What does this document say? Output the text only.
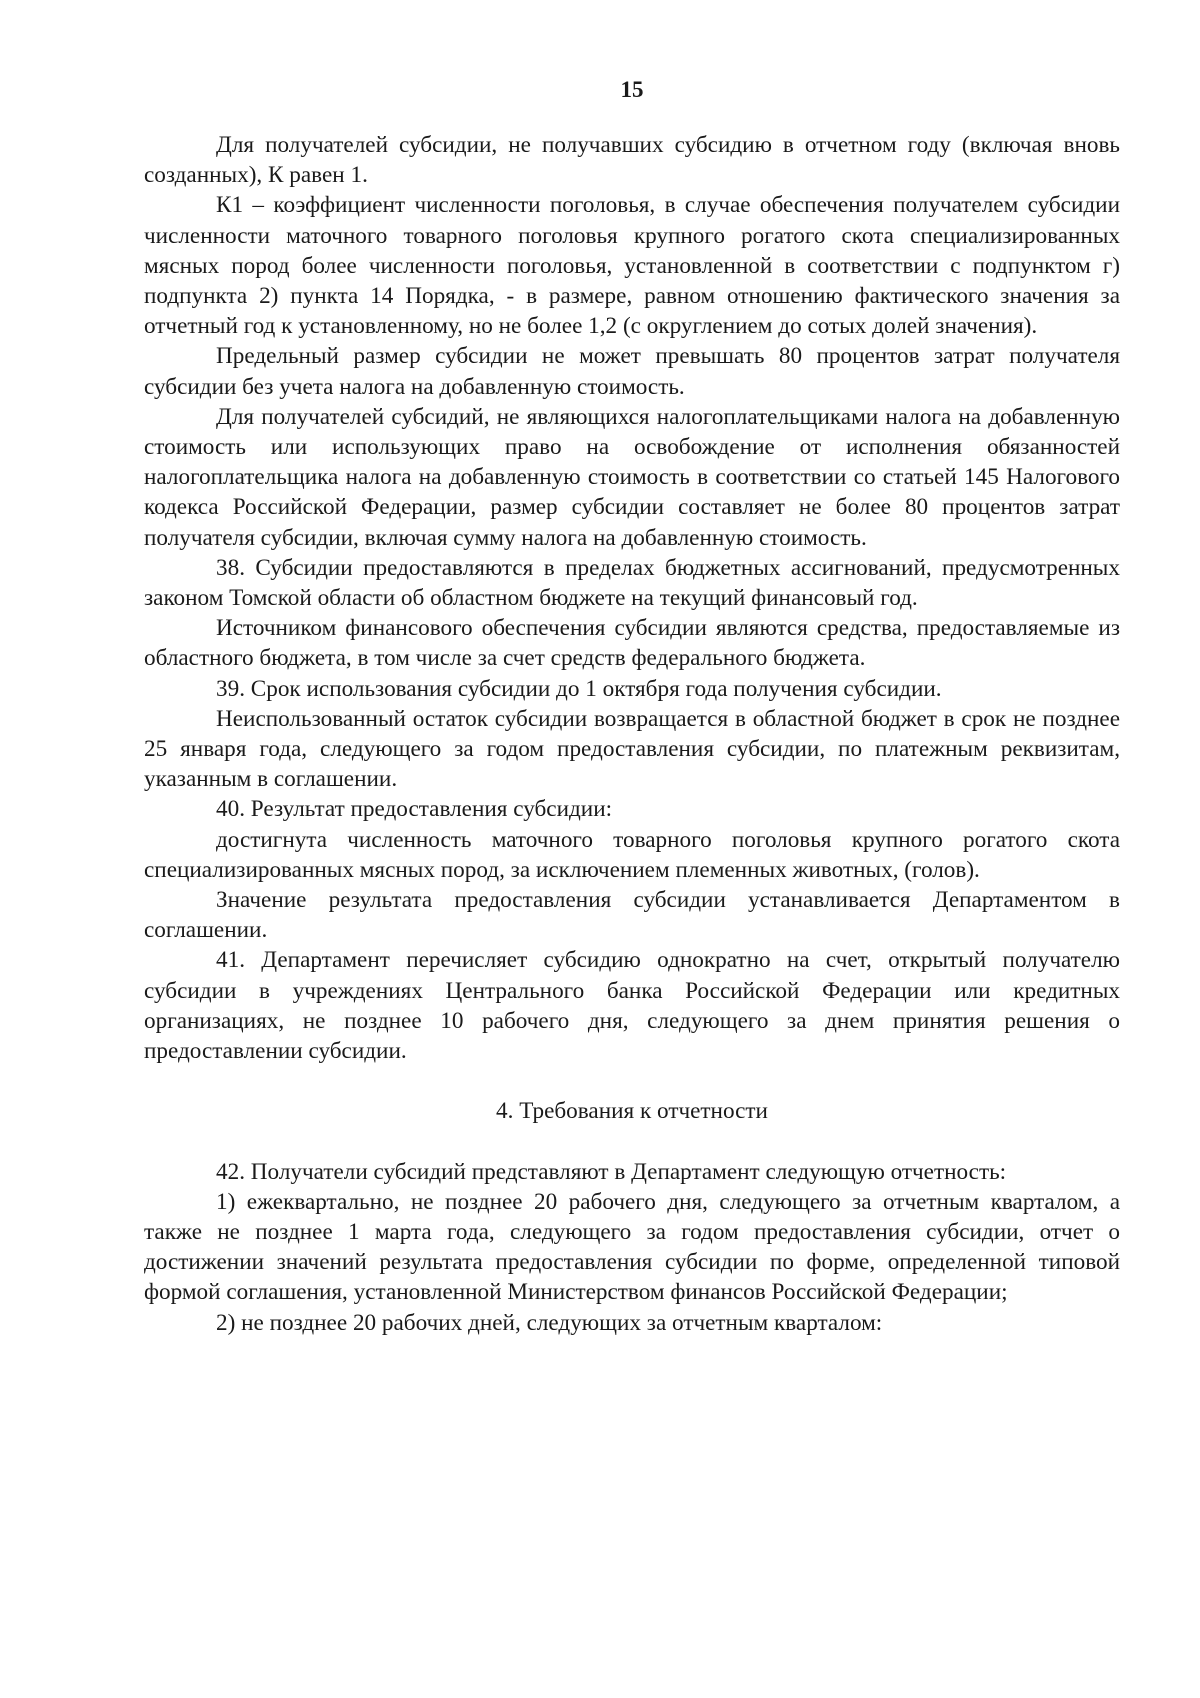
15

Для получателей субсидии, не получавших субсидию в отчетном году (включая вновь созданных), К равен 1.

К1 – коэффициент численности поголовья, в случае обеспечения получателем субсидии численности маточного товарного поголовья крупного рогатого скота специализированных мясных пород более численности поголовья, установленной в соответствии с подпунктом г) подпункта 2) пункта 14 Порядка, - в размере, равном отношению фактического значения за отчетный год к установленному, но не более 1,2 (с округлением до сотых долей значения).

Предельный размер субсидии не может превышать 80 процентов затрат получателя субсидии без учета налога на добавленную стоимость.

Для получателей субсидий, не являющихся налогоплательщиками налога на добавленную стоимость или использующих право на освобождение от исполнения обязанностей налогоплательщика налога на добавленную стоимость в соответствии со статьей 145 Налогового кодекса Российской Федерации, размер субсидии составляет не более 80 процентов затрат получателя субсидии, включая сумму налога на добавленную стоимость.

38. Субсидии предоставляются в пределах бюджетных ассигнований, предусмотренных законом Томской области об областном бюджете на текущий финансовый год.

Источником финансового обеспечения субсидии являются средства, предоставляемые из областного бюджета, в том числе за счет средств федерального бюджета.

39. Срок использования субсидии до 1 октября года получения субсидии.

Неиспользованный остаток субсидии возвращается в областной бюджет в срок не позднее 25 января года, следующего за годом предоставления субсидии, по платежным реквизитам, указанным в соглашении.

40. Результат предоставления субсидии:

достигнута численность маточного товарного поголовья крупного рогатого скота специализированных мясных пород, за исключением племенных животных, (голов).

Значение результата предоставления субсидии устанавливается Департаментом в соглашении.

41. Департамент перечисляет субсидию однократно на счет, открытый получателю субсидии в учреждениях Центрального банка Российской Федерации или кредитных организациях, не позднее 10 рабочего дня, следующего за днем принятия решения о предоставлении субсидии.

4. Требования к отчетности

42. Получатели субсидий представляют в Департамент следующую отчетность:

1) ежеквартально, не позднее 20 рабочего дня, следующего за отчетным кварталом, а также не позднее 1 марта года, следующего за годом предоставления субсидии, отчет о достижении значений результата предоставления субсидии по форме, определенной типовой формой соглашения, установленной Министерством финансов Российской Федерации;

2) не позднее 20 рабочих дней, следующих за отчетным кварталом:
